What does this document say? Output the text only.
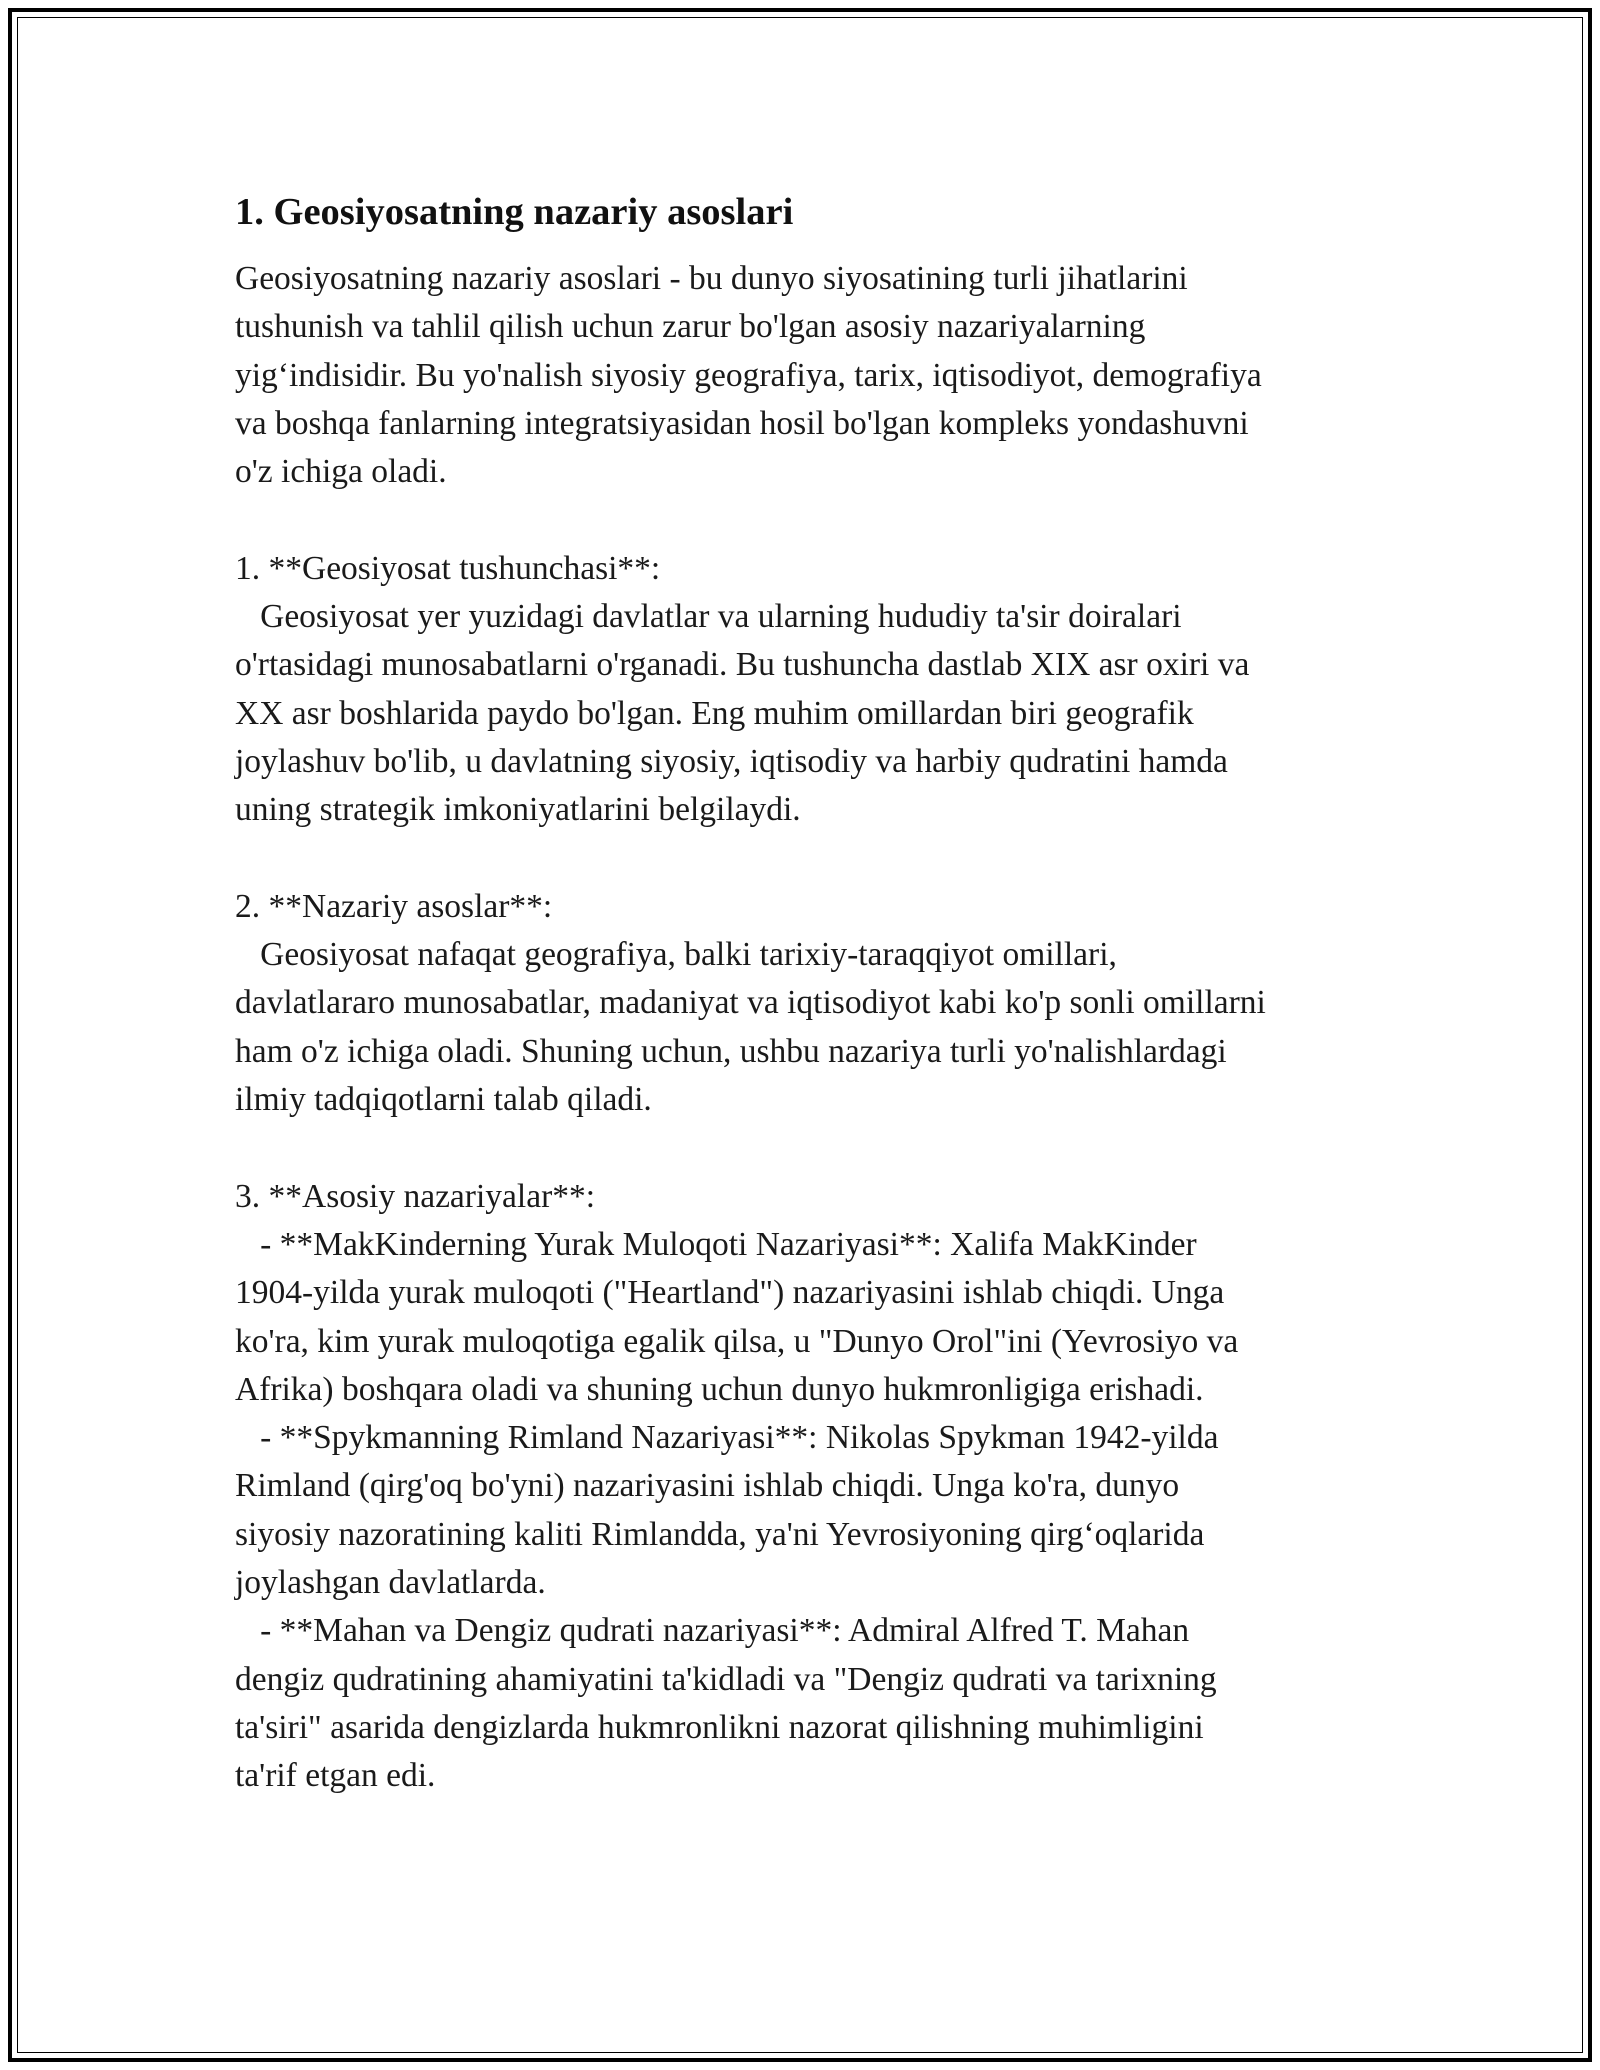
1. Geosiyosatning nazariy asoslari

Geosiyosatning nazariy asoslari - bu dunyo siyosatining turli jihatlarini
tushunish va tahlil qilish uchun zarur bo'lgan asosiy nazariyalarning
yig‘indisidir. Bu yo'nalish siyosiy geografiya, tarix, iqtisodiyot, demografiya
va boshqa fanlarning integratsiyasidan hosil bo'lgan kompleks yondashuvni
o'z ichiga oladi.

1. **Geosiyosat tushunchasi**:
Geosiyosat yer yuzidagi davlatlar va ularning hududiy ta'sir doiralari
o'rtasidagi munosabatlarni o'rganadi. Bu tushuncha dastlab XIX asr oxiri va
XX asr boshlarida paydo bo'lgan. Eng muhim omillardan biri geografik
joylashuv bo'lib, u davlatning siyosiy, iqtisodiy va harbiy qudratini hamda
uning strategik imkoniyatlarini belgilaydi.

2. **Nazariy asoslar**:
Geosiyosat nafaqat geografiya, balki tarixiy-taraqqiyot omillari,
davlatlararo munosabatlar, madaniyat va iqtisodiyot kabi ko'p sonli omillarni
ham o'z ichiga oladi. Shuning uchun, ushbu nazariya turli yo'nalishlardagi
ilmiy tadqiqotlarni talab qiladi.

3. **Asosiy nazariyalar**:
- **MakKinderning Yurak Muloqoti Nazariyasi**: Xalifa MakKinder
1904-yilda yurak muloqoti ("Heartland") nazariyasini ishlab chiqdi. Unga
ko'ra, kim yurak muloqotiga egalik qilsa, u "Dunyo Orol"ini (Yevrosiyo va
Afrika) boshqara oladi va shuning uchun dunyo hukmronligiga erishadi.
- **Spykmanning Rimland Nazariyasi**: Nikolas Spykman 1942-yilda
Rimland (qirg'oq bo'yni) nazariyasini ishlab chiqdi. Unga ko'ra, dunyo
siyosiy nazoratining kaliti Rimlandda, ya'ni Yevrosiyoning qirg‘oqlarida
joylashgan davlatlarda.
- **Mahan va Dengiz qudrati nazariyasi**: Admiral Alfred T. Mahan
dengiz qudratining ahamiyatini ta'kidladi va "Dengiz qudrati va tarixning
ta'siri" asarida dengizlarda hukmronlikni nazorat qilishning muhimligini
ta'rif etgan edi.
